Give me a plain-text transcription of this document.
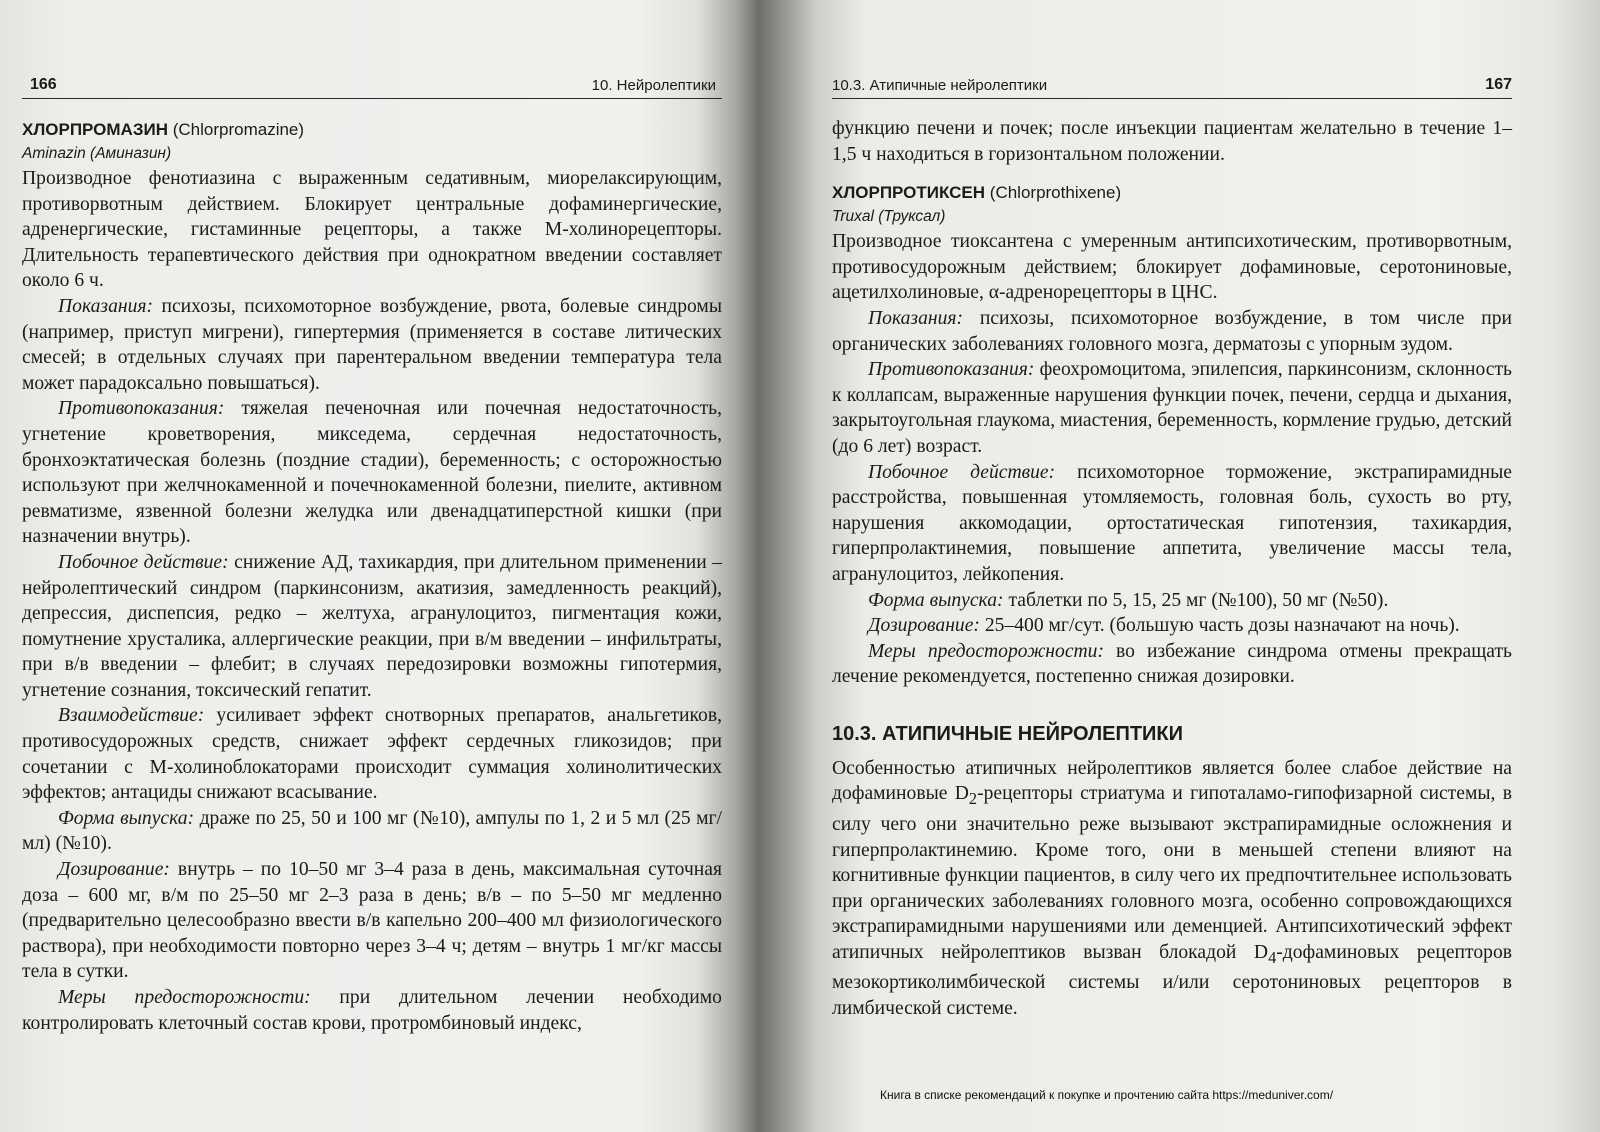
166	10. Нейролептики
ХЛОРПРОМАЗИН (Chlorpromazine)
Aminazin (Аминазин)

Производное фенотиазина с выраженным седативным, миорелаксирующим, противорвотным действием. Блокирует центральные дофаминергические, адренергические, гистаминные рецепторы, а также М-холинорецепторы. Длительность терапевтического действия при однократном введении составляет около 6 ч.

Показания: психозы, психомоторное возбуждение, рвота, болевые синдромы (например, приступ мигрени), гипертермия (применяется в составе литических смесей; в отдельных случаях при парентеральном введении температура тела может парадоксально повышаться).

Противопоказания: тяжелая печеночная или почечная недостаточность, угнетение кроветворения, микседема, сердечная недостаточность, бронхоэктатическая болезнь (поздние стадии), беременность; с осторожностью используют при желчнокаменной и почечнокаменной болезни, пиелите, активном ревматизме, язвенной болезни желудка или двенадцатиперстной кишки (при назначении внутрь).

Побочное действие: снижение АД, тахикардия, при длительном применении – нейролептический синдром (паркинсонизм, акатизия, замедленность реакций), депрессия, диспепсия, редко – желтуха, агранулоцитоз, пигментация кожи, помутнение хрусталика, аллергические реакции, при в/м введении – инфильтраты, при в/в введении – флебит; в случаях передозировки возможны гипотермия, угнетение сознания, токсический гепатит.

Взаимодействие: усиливает эффект снотворных препаратов, анальгетиков, противосудорожных средств, снижает эффект сердечных гликозидов; при сочетании с М-холиноблокаторами происходит суммация холинолитических эффектов; антациды снижают всасывание.

Форма выпуска: драже по 25, 50 и 100 мг (№10), ампулы по 1, 2 и 5 мл (25 мг/мл) (№10).

Дозирование: внутрь – по 10–50 мг 3–4 раза в день, максимальная суточная доза – 600 мг, в/м по 25–50 мг 2–3 раза в день; в/в – по 5–50 мг медленно (предварительно целесообразно ввести в/в капельно 200–400 мл физиологического раствора), при необходимости повторно через 3–4 ч; детям – внутрь 1 мг/кг массы тела в сутки.

Меры предосторожности: при длительном лечении необходимо контролировать клеточный состав крови, протромбиновый индекс,

10.3. Атипичные нейролептики	167

функцию печени и почек; после инъекции пациентам желательно в течение 1–1,5 ч находиться в горизонтальном положении.

ХЛОРПРОТИКСЕН (Chlorprothixene)
Truxal (Труксал)

Производное тиоксантена с умеренным антипсихотическим, противорвотным, противосудорожным действием; блокирует дофаминовые, серотониновые, ацетилхолиновые, α-адренорецепторы в ЦНС.

Показания: психозы, психомоторное возбуждение, в том числе при органических заболеваниях головного мозга, дерматозы с упорным зудом.

Противопоказания: феохромоцитома, эпилепсия, паркинсонизм, склонность к коллапсам, выраженные нарушения функции почек, печени, сердца и дыхания, закрытоугольная глаукома, миастения, беременность, кормление грудью, детский (до 6 лет) возраст.

Побочное действие: психомоторное торможение, экстрапирамидные расстройства, повышенная утомляемость, головная боль, сухость во рту, нарушения аккомодации, ортостатическая гипотензия, тахикардия, гиперпролактинемия, повышение аппетита, увеличение массы тела, агранулоцитоз, лейкопения.

Форма выпуска: таблетки по 5, 15, 25 мг (№100), 50 мг (№50).

Дозирование: 25–400 мг/сут. (большую часть дозы назначают на ночь).

Меры предосторожности: во избежание синдрома отмены прекращать лечение рекомендуется, постепенно снижая дозировки.

10.3. АТИПИЧНЫЕ НЕЙРОЛЕПТИКИ

Особенностью атипичных нейролептиков является более слабое действие на дофаминовые $D_2$-рецепторы стриатума и гипоталамо-гипофизарной системы, в силу чего они значительно реже вызывают экстрапирамидные осложнения и гиперпролактинемию. Кроме того, они в меньшей степени влияют на когнитивные функции пациентов, в силу чего их предпочтительнее использовать при органических заболеваниях головного мозга, особенно сопровождающихся экстрапирамидными нарушениями или деменцией. Антипсихотический эффект атипичных нейролептиков вызван блокадой $D_4$-дофаминовых рецепторов мезокортиколимбической системы и/или серотониновых рецепторов в лимбической системе.

Книга в списке рекомендаций к покупке и прочтению сайта https://meduniver.com/
